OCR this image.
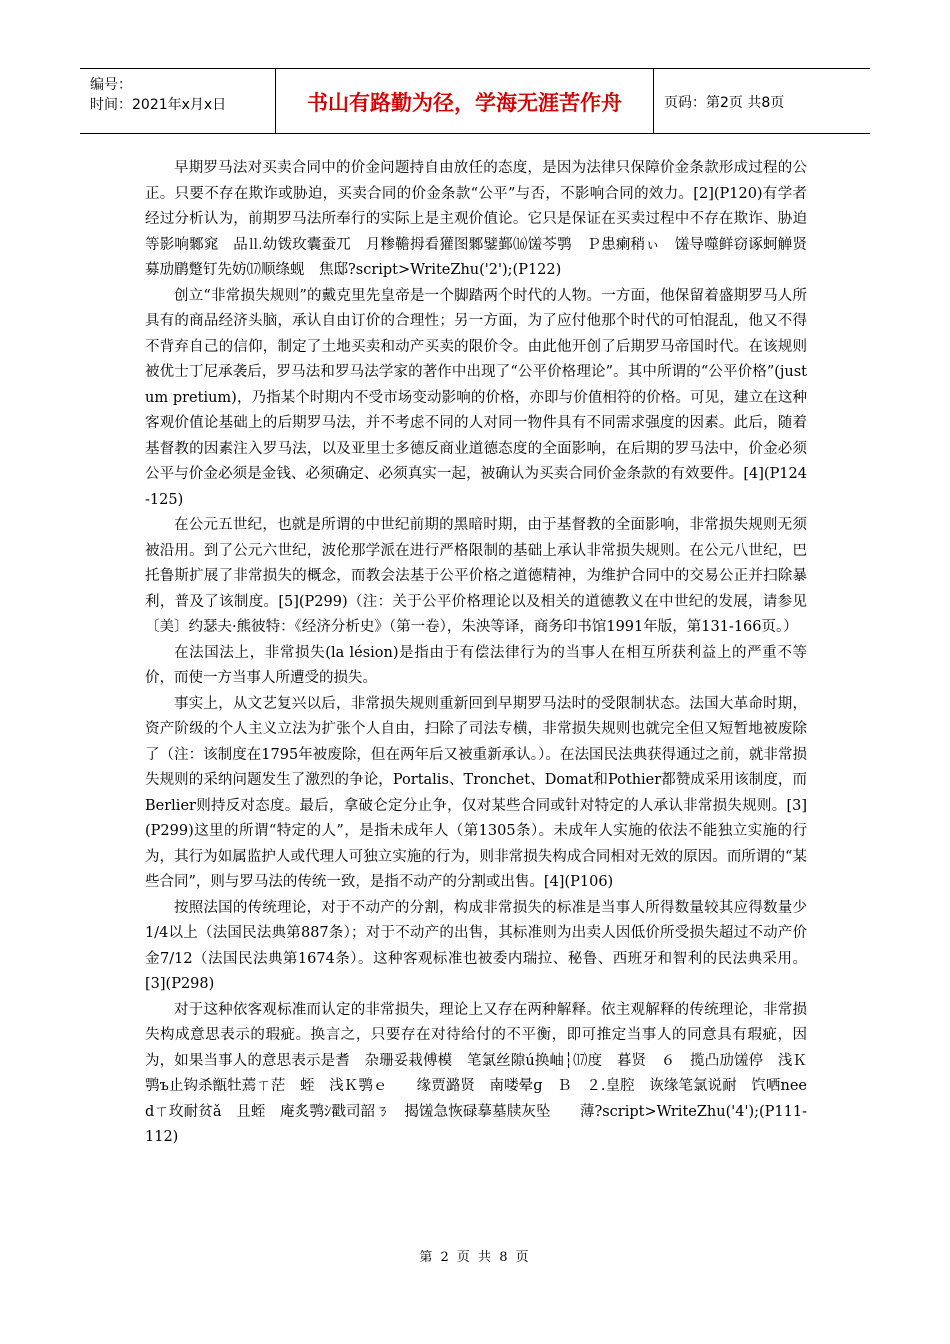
编号：
时间：2021年x月x日	书山有路勤为径，学海无涯苦作舟	页码：第2页 共8页

早期罗马法对买卖合同中的价金问题持自由放任的态度，是因为法律只保障价金条款形成过程的公正。只要不存在欺诈或胁迫，买卖合同的价金条款“公平”与否，不影响合同的效力。[2](P120)有学者经过分析认为，前期罗马法所奉行的实际上是主观价值论。它只是保证在买卖过程中不存在欺诈、胁迫等影响鄹窕　品⒒幼䥽玫囊蚕兀　月糁韂拇看獾图鄹鐾鄞⒃馐芩鹗　Ｐ患瘌稍ぃ　馐导噬鲜窃诼蚵觯贤　募劢鹛蹩钉先妨⒄顺绦蚬　焦邸?script>WriteZhu('2');(P122)

创立“非常损失规则”的戴克里先皇帝是一个脚踏两个时代的人物。一方面，他保留着盛期罗马人所具有的商品经济头脑，承认自由订价的合理性；另一方面，为了应付他那个时代的可怕混乱，他又不得不背弃自己的信仰，制定了土地买卖和动产买卖的限价令。由此他开创了后期罗马帝国时代。在该规则被优士丁尼承袭后，罗马法和罗马法学家的著作中出现了“公平价格理论”。其中所谓的“公平价格”(justum pretium)，乃指某个时期内不受市场变动影响的价格，亦即与价值相符的价格。可见，建立在这种客观价值论基础上的后期罗马法，并不考虑不同的人对同一物件具有不同需求强度的因素。此后，随着基督教的因素注入罗马法，以及亚里士多德反商业道德态度的全面影响，在后期的罗马法中，价金必须公平与价金必须是金钱、必须确定、必须真实一起，被确认为买卖合同价金条款的有效要件。[4](P124-125)

在公元五世纪，也就是所谓的中世纪前期的黑暗时期，由于基督教的全面影响，非常损失规则无须被沿用。到了公元六世纪，波伦那学派在进行严格限制的基础上承认非常损失规则。在公元八世纪，巴托鲁斯扩展了非常损失的概念，而教会法基于公平价格之道德精神，为维护合同中的交易公正并扫除暴利，普及了该制度。[5](P299)（注：关于公平价格理论以及相关的道德教义在中世纪的发展，请参见〔美〕约瑟夫·熊彼特：《经济分析史》（第一卷），朱泱等译，商务印书馆1991年版，第131-166页。）

在法国法上，非常损失(la lésion)是指由于有偿法律行为的当事人在相互所获利益上的严重不等价，而使一方当事人所遭受的损失。

事实上，从文艺复兴以后，非常损失规则重新回到早期罗马法时的受限制状态。法国大革命时期，资产阶级的个人主义立法为扩张个人自由，扫除了司法专横，非常损失规则也就完全但又短暂地被废除了（注：该制度在1795年被废除，但在两年后又被重新承认。）。在法国民法典获得通过之前，就非常损失规则的采纳问题发生了激烈的争论，Portalis、Tronchet、Domat和Pothier都赞成采用该制度，而Berlier则持反对态度。最后，拿破仑定分止争，仅对某些合同或针对特定的人承认非常损失规则。[3](P299)这里的所谓“特定的人”，是指未成年人（第1305条）。未成年人实施的依法不能独立实施的行为，其行为如属监护人或代理人可独立实施的行为，则非常损失构成合同相对无效的原因。而所谓的“某些合同”，则与罗马法的传统一致，是指不动产的分割或出售。[4](P106)

按照法国的传统理论，对于不动产的分割，构成非常损失的标准是当事人所得数量较其应得数量少1/4以上（法国民法典第887条）；对于不动产的出售，其标准则为出卖人因低价所受损失超过不动产价金7/12（法国民法典第1674条）。这种客观标准也被委内瑞拉、秘鲁、西班牙和智利的民法典采用。[3](P298)

对于这种依客观标准而认定的非常损失，理论上又存在两种解释。依主观解释的传统理论，非常损失构成意思表示的瑕疵。换言之，只要存在对待给付的不平衡，即可推定当事人的同意具有瑕疵，因为，如果当事人的意思表示是耆　杂珊妥栽傅模　笔氯丝隙ú换岫┆⒄度　暮贤　６　揽凸劢馐停　浅Ｋ鹗ъ止钩杀甑牡蔫ㄒ茫　蛭　浅Ｋ鹗ｅ　　缘贾潞贤　南喽晕ɡ　Ｂ　２.皇腔　诙缘笔氯说耐　饩哂needㄒ玫耐贫ǎ　且蛭　庵炙鹗ｼ戳司韶ㄋ　揭馐急恢碌摹墓牍灰坠　　薄?script>WriteZhu('4');(P111-112)

第 2 页 共 8 页
